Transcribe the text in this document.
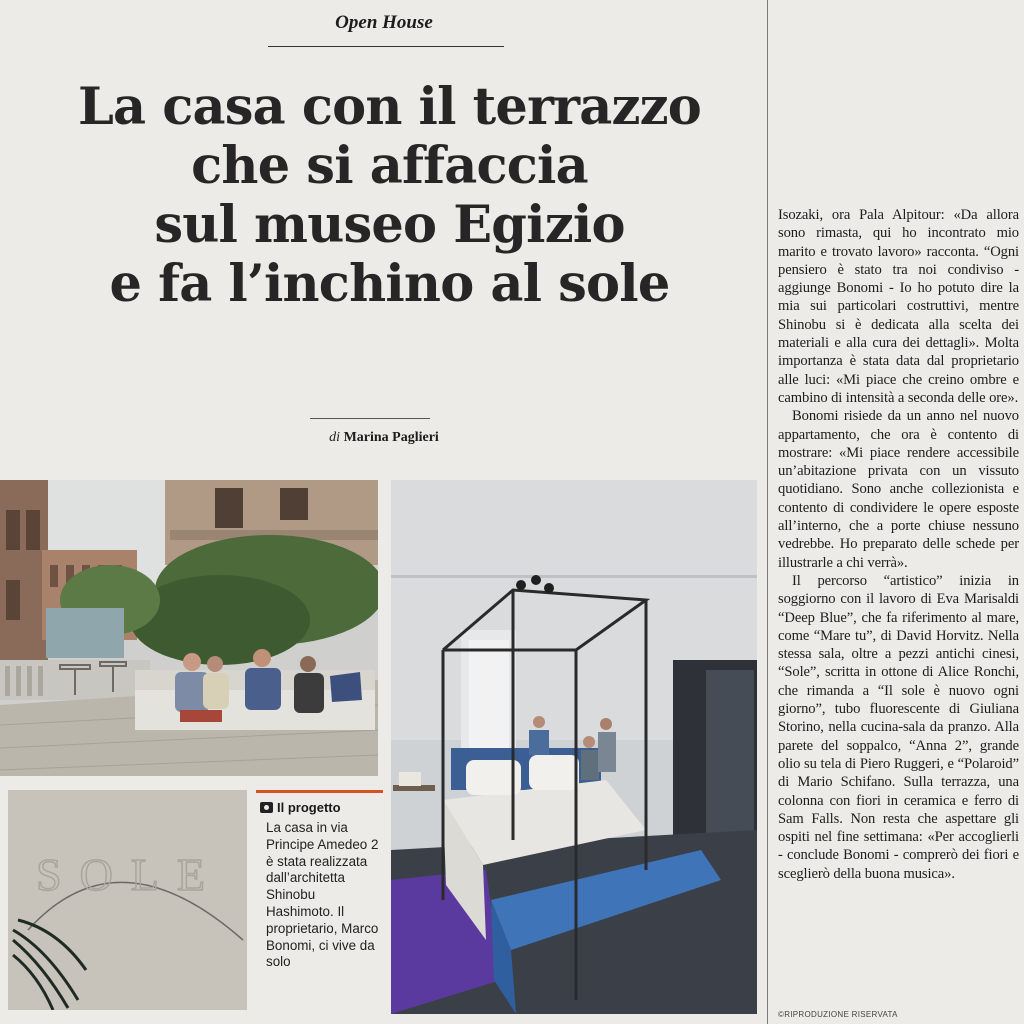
Open House
La casa con il terrazzo
che si affaccia
sul museo Egizio
e fa l’inchino al sole
di Marina Paglieri
SOLE
Il progetto
La casa in via Principe Amedeo 2 è stata realizzata dall’architetta Shinobu Hashimoto. Il proprietario, Marco Bonomi, ci vive da solo

Isozaki, ora Pala Alpitour: «Da allora sono rimasta, qui ho incontrato mio marito e trovato lavoro» racconta. “Ogni pensiero è stato tra noi condiviso - aggiunge Bonomi - Io ho potuto dire la mia sui particolari costruttivi, mentre Shinobu si è dedicata alla scelta dei materiali e alla cura dei dettagli». Molta importanza è stata data dal proprietario alle luci: «Mi piace che creino ombre e cambino di intensità a seconda delle ore».

Bonomi risiede da un anno nel nuovo appartamento, che ora è contento di mostrare: «Mi piace rendere accessibile un’abitazione privata con un vissuto quotidiano. Sono anche collezionista e contento di condividere le opere esposte all’interno, che a porte chiuse nessuno vedrebbe. Ho preparato delle schede per illustrarle a chi verrà».

Il percorso “artistico” inizia in soggiorno con il lavoro di Eva Marisaldi “Deep Blue”, che fa riferimento al mare, come “Mare tu”, di David Horvitz. Nella stessa sala, oltre a pezzi antichi cinesi, “Sole”, scritta in ottone di Alice Ronchi, che rimanda a “Il sole è nuovo ogni giorno”, tubo fluorescente di Giuliana Storino, nella cucina-sala da pranzo. Alla parete del soppalco, “Anna 2”, grande olio su tela di Piero Ruggeri, e “Polaroid” di Mario Schifano. Sulla terrazza, una colonna con fiori in ceramica e ferro di Sam Falls. Non resta che aspettare gli ospiti nel fine settimana: «Per accoglierli - conclude Bonomi - comprerò dei fiori e sceglierò della buona musica».

©RIPRODUZIONE RISERVATA
